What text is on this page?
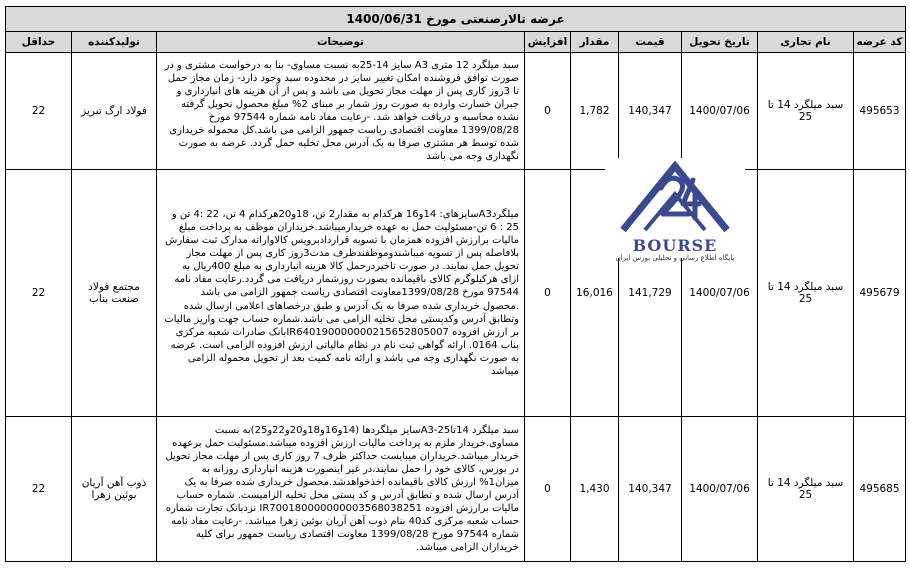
عرضه تالارصنعتی مورخ 1400/06/31								
کد عرضه	نام تجاری	تاریخ تحویل	قیمت	مقدار	افزایش	توضیحات	تولیدکننده	حداقل
495653	سبد میلگرد 14 تا 25	1400/07/06	140,347	1,782	0	سبد میلگرد 12 متری A3 سایز 14-25به نسبت مساوی- بنا به درخواست مشتری و در صورت توافق فروشنده امکان تغییر سایز در محدوده سبد وجود دارد- زمان مجاز حمل تا 3روز کاری پس از مهلت مجاز تحویل می باشد و پس از آن هزینه های انبارداری و جبران خسارت وارده به صورت روز شمار بر مبنای 2% مبلغ محصول تحویل گرفته نشده محاسبه و دریافت خواهد شد. -رعایت مفاد نامه شماره 97544 مورخ 1399/08/28 معاونت اقتصادی ریاست جمهور الزامی می باشد.کل محموله خریداری شده توسط هر مشتری صرفا به یک آدرس محل تخلیه حمل گردد. عرضه به صورت نگهداری وجه می باشد	فولاد ارگ تبریز	22
495679	سبد میلگرد 14 تا 25	1400/07/06	141,729	16,016	0	میلگردA3سایزهای: 14و16 هرکدام به مقدار2 تن، 18و20هرکدام 4 تن، 22 :4 تن و 25 : 6 تن-مسئولیت حمل به عهده خریدارمیباشد.خریداران موظف به پرداخت مبلغ مالیات برارزش افزوده همزمان با تسویه قراردادبرویس کالاواراته مدارک ثبت سفارش بلافاصله پس از تسویه میباشندوموظفندظرف مدت3روز کاری پس از مهلت مجاز تحویل حمل نمایند. در صورت تاخیردرحمل کالا هزینه انبارداری به مبلغ 400ریال به ازای هرکیلوگرم کالای باقیمانده بصورت روزشمار دریافت می گردد.رعایت مفاد نامه 97544 مورخ 1399/08/28معاونت اقتصادی ریاست جمهور الزامی می باشد .محصول خریداری شده صرفا به یک آدرس و طبق درخصاهای اعلامی ارسال شده وتطابق آدرس وکدپستی محل تخلیه الزامی می باشد.شماره حساب جهت واریز مالیات بر ارزش افزوده IR640190000000215652805007بانک صادرات شعبه مرکزی بناب 0164. ارائه گواهی ثبت نام در نظام مالیاتی ارزش افزوده الزامی است. عرضه به صورت نگهداری وجه می باشد و ارائه نامه کمیت بعد از تحویل محموله الزامی میباشد	مجتمع فولاد صنعت بناب	22
495685	سبد میلگرد 14 تا 25	1400/07/06	140,347	1,430	0	سبد میلگرد 14تا25-A3سایز میلگردها (14و16و18و20و22و25)به نسبت مساوی.خریدار ملزم به پرداخت مالیات ارزش افزوده میباشد.مسئولیت حمل برعهده خریدار میباشد.خریداران میبایست حداکثر ظرف 7 روز کاری پس از مهلت مجاز تحویل در بورس، کالای خود را حمل نمایند،در غیر اینصورت هزینه انبارداری روزانه به میزان1% ارزش کالای باقیمانده اخذخواهدشد.محصول خریداری شده صرفا به یک آدرس ارسال شده و تطابق آدرس و کد پستی محل تخلیه الزامیست. شماره حساب مالیات برارزش افزوده IR700180000000003568038251 نزدبانک تجارت شماره حساب شعبه مرکزی کد40 بنام ذوب آهن آریان بوئین زهرا میباشد. -رعایت مفاد نامه شماره 97544 مورخ 1399/08/28 معاونت اقتصادی ریاست جمهور برای کلیه خریداران الزامی میباشد.	ذوب آهن آریان بوئین زهرا	22
BOURSE
پایگاه اطلاع رسانی و تحلیلی بورس ایران
